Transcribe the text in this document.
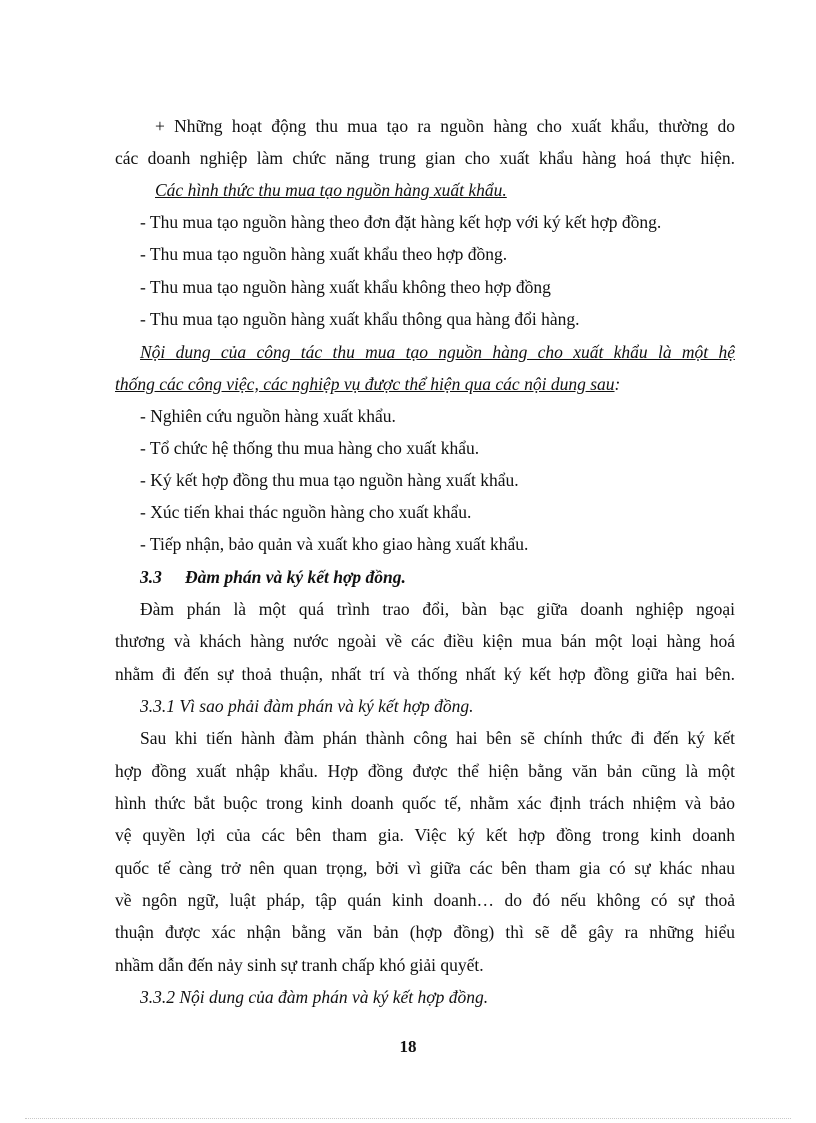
+ Những hoạt động thu mua tạo ra nguồn hàng cho xuất khẩu, thường do
các doanh nghiệp làm chức năng trung gian cho xuất khẩu hàng hoá thực hiện.
Các hình thức thu mua tạo nguồn hàng xuất khẩu.
- Thu mua tạo nguồn hàng theo đơn đặt hàng kết hợp với ký kết hợp đồng.
- Thu mua tạo nguồn hàng xuất khẩu theo hợp đồng.
- Thu mua tạo nguồn hàng xuất khẩu không theo hợp đồng
- Thu mua tạo nguồn hàng xuất khẩu thông qua hàng đổi hàng.
Nội dung của công tác thu mua tạo nguồn hàng cho xuất khẩu là một hệ
thống các công việc, các nghiệp vụ được thể hiện qua các nội dung sau:
- Nghiên cứu nguồn hàng xuất khẩu.
- Tổ chức hệ thống thu mua hàng cho xuất khẩu.
- Ký kết hợp đồng thu mua tạo nguồn hàng xuất khẩu.
- Xúc tiến khai thác nguồn hàng cho xuất khẩu.
- Tiếp nhận, bảo quản và xuất kho giao hàng xuất khẩu.
3.3 Đàm phán và ký kết hợp đồng.
Đàm phán là một quá trình trao đổi, bàn bạc giữa doanh nghiệp ngoại
thương và khách hàng nước ngoài về các điều kiện mua bán một loại hàng hoá
nhằm đi đến sự thoả thuận, nhất trí và thống nhất ký kết hợp đồng giữa hai bên.
3.3.1 Vì sao phải đàm phán và ký kết hợp đồng.
Sau khi tiến hành đàm phán thành công hai bên sẽ chính thức đi đến ký kết
hợp đồng xuất nhập khẩu. Hợp đồng được thể hiện bằng văn bản cũng là một
hình thức bắt buộc trong kinh doanh quốc tế, nhằm xác định trách nhiệm và bảo
vệ quyền lợi của các bên tham gia. Việc ký kết hợp đồng trong kinh doanh
quốc tế càng trở nên quan trọng, bởi vì giữa các bên tham gia có sự khác nhau
về ngôn ngữ, luật pháp, tập quán kinh doanh… do đó nếu không có sự thoả
thuận được xác nhận bằng văn bản (hợp đồng) thì sẽ dễ gây ra những hiểu
nhầm dẫn đến nảy sinh sự tranh chấp khó giải quyết.
3.3.2 Nội dung của đàm phán và ký kết hợp đồng.
18
